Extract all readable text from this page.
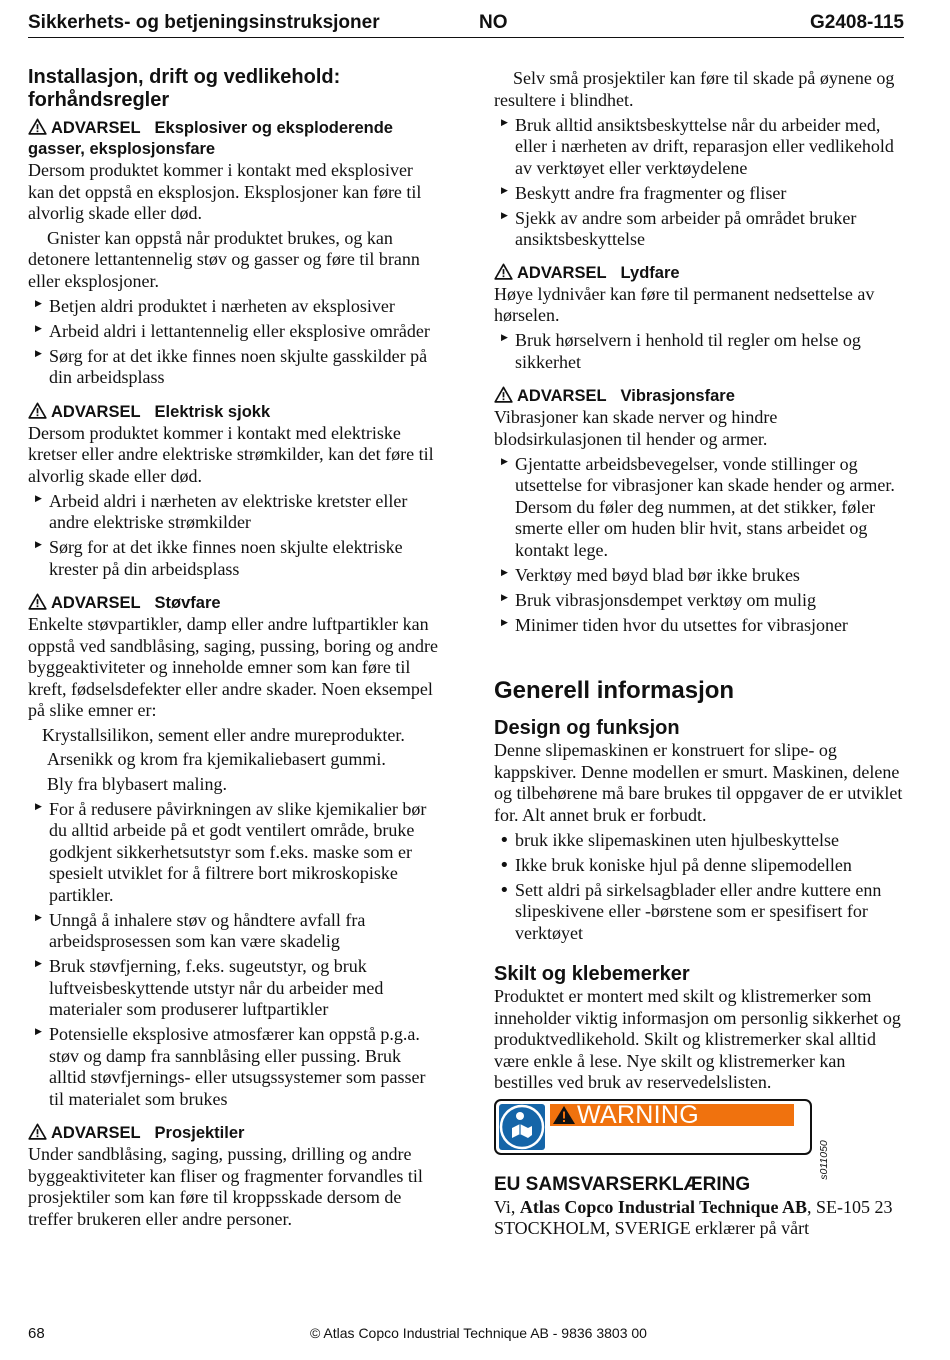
Sikkerhets- og betjeningsinstruksjoner	NO	G2408-115
Installasjon, drift og vedlikehold: forhåndsregler
ADVARSEL Eksplosiver og eksploderende gasser, eksplosjonsfare

Dersom produktet kommer i kontakt med eksplosiver kan det oppstå en eksplosjon. Eksplosjoner kan føre til alvorlig skade eller død.

Gnister kan oppstå når produktet brukes, og kan detonere lettantennelig støv og gasser og føre til brann eller eksplosjoner.

▶ Betjen aldri produktet i nærheten av eksplosiver
▶ Arbeid aldri i lettantennelig eller eksplosive områder
▶ Sørg for at det ikke finnes noen skjulte gasskilder på din arbeidsplass
ADVARSEL Elektrisk sjokk

Dersom produktet kommer i kontakt med elektriske kretser eller andre elektriske strømkilder, kan det føre til alvorlig skade eller død.

▶ Arbeid aldri i nærheten av elektriske kretster eller andre elektriske strømkilder
▶ Sørg for at det ikke finnes noen skjulte elektriske krester på din arbeidsplass
ADVARSEL Støvfare

Enkelte støvpartikler, damp eller andre luftpartikler kan oppstå ved sandblåsing, saging, pussing, boring og andre byggeaktiviteter og inneholde emner som kan føre til kreft, fødselsdefekter eller andre skader. Noen eksempel på slike emner er:

Krystallsilikon, sement eller andre mureprodukter.

Arsenikk og krom fra kjemikaliebasert gummi.

Bly fra blybasert maling.

▶ For å redusere påvirkningen av slike kjemikalier bør du alltid arbeide på et godt ventilert område, bruke godkjent sikkerhetsutstyr som f.eks. maske som er spesielt utviklet for å filtrere bort mikroskopiske partikler.
▶ Unngå å inhalere støv og håndtere avfall fra arbeidsprosessen som kan være skadelig
▶ Bruk støvfjerning, f.eks. sugeutstyr, og bruk luftveisbeskyttende utstyr når du arbeider med materialer som produserer luftpartikler
▶ Potensielle eksplosive atmosfærer kan oppstå p.g.a. støv og damp fra sannblåsing eller pussing. Bruk alltid støvfjernings- eller utsugssystemer som passer til materialet som brukes
ADVARSEL Prosjektiler

Under sandblåsing, saging, pussing, drilling og andre byggeaktiviteter kan fliser og fragmenter forvandles til prosjektiler som kan føre til kroppsskade dersom de treffer brukeren eller andre personer.

Selv små prosjektiler kan føre til skade på øynene og resultere i blindhet.

▶ Bruk alltid ansiktsbeskyttelse når du arbeider med, eller i nærheten av drift, reparasjon eller vedlikehold av verktøyet eller verktøydelene
▶ Beskytt andre fra fragmenter og fliser
▶ Sjekk av andre som arbeider på området bruker ansiktsbeskyttelse
ADVARSEL Lydfare

Høye lydnivåer kan føre til permanent nedsettelse av hørselen.

▶ Bruk hørselvern i henhold til regler om helse og sikkerhet
ADVARSEL Vibrasjonsfare

Vibrasjoner kan skade nerver og hindre blodsirkulasjonen til hender og armer.

▶ Gjentatte arbeidsbevegelser, vonde stillinger og utsettelse for vibrasjoner kan skade hender og armer. Dersom du føler deg nummen, at det stikker, føler smerte eller om huden blir hvit, stans arbeidet og kontakt lege.
▶ Verktøy med bøyd blad bør ikke brukes
▶ Bruk vibrasjonsdempet verktøy om mulig
▶ Minimer tiden hvor du utsettes for vibrasjoner
Generell informasjon
Design og funksjon

Denne slipemaskinen er konstruert for slipe- og kappskiver. Denne modellen er smurt. Maskinen, delene og tilbehørene må bare brukes til oppgaver de er utviklet for. Alt annet bruk er forbudt.

• bruk ikke slipemaskinen uten hjulbeskyttelse
• Ikke bruk koniske hjul på denne slipemodellen
• Sett aldri på sirkelsagblader eller andre kuttere enn slipeskivene eller -børstene som er spesifisert for verktøyet
Skilt og klebemerker

Produktet er montert med skilt og klistremerker som inneholder viktig informasjon om personlig sikkerhet og produktvedlikehold. Skilt og klistremerker skal alltid være enkle å lese. Nye skilt og klistremerker kan bestilles ved bruk av reservedelslisten.

WARNING
EU SAMSVARSERKLÆRING

Vi, Atlas Copco Industrial Technique AB, SE-105 23 STOCKHOLM, SVERIGE erklærer på vårt

s011050
68	© Atlas Copco Industrial Technique AB - 9836 3803 00
